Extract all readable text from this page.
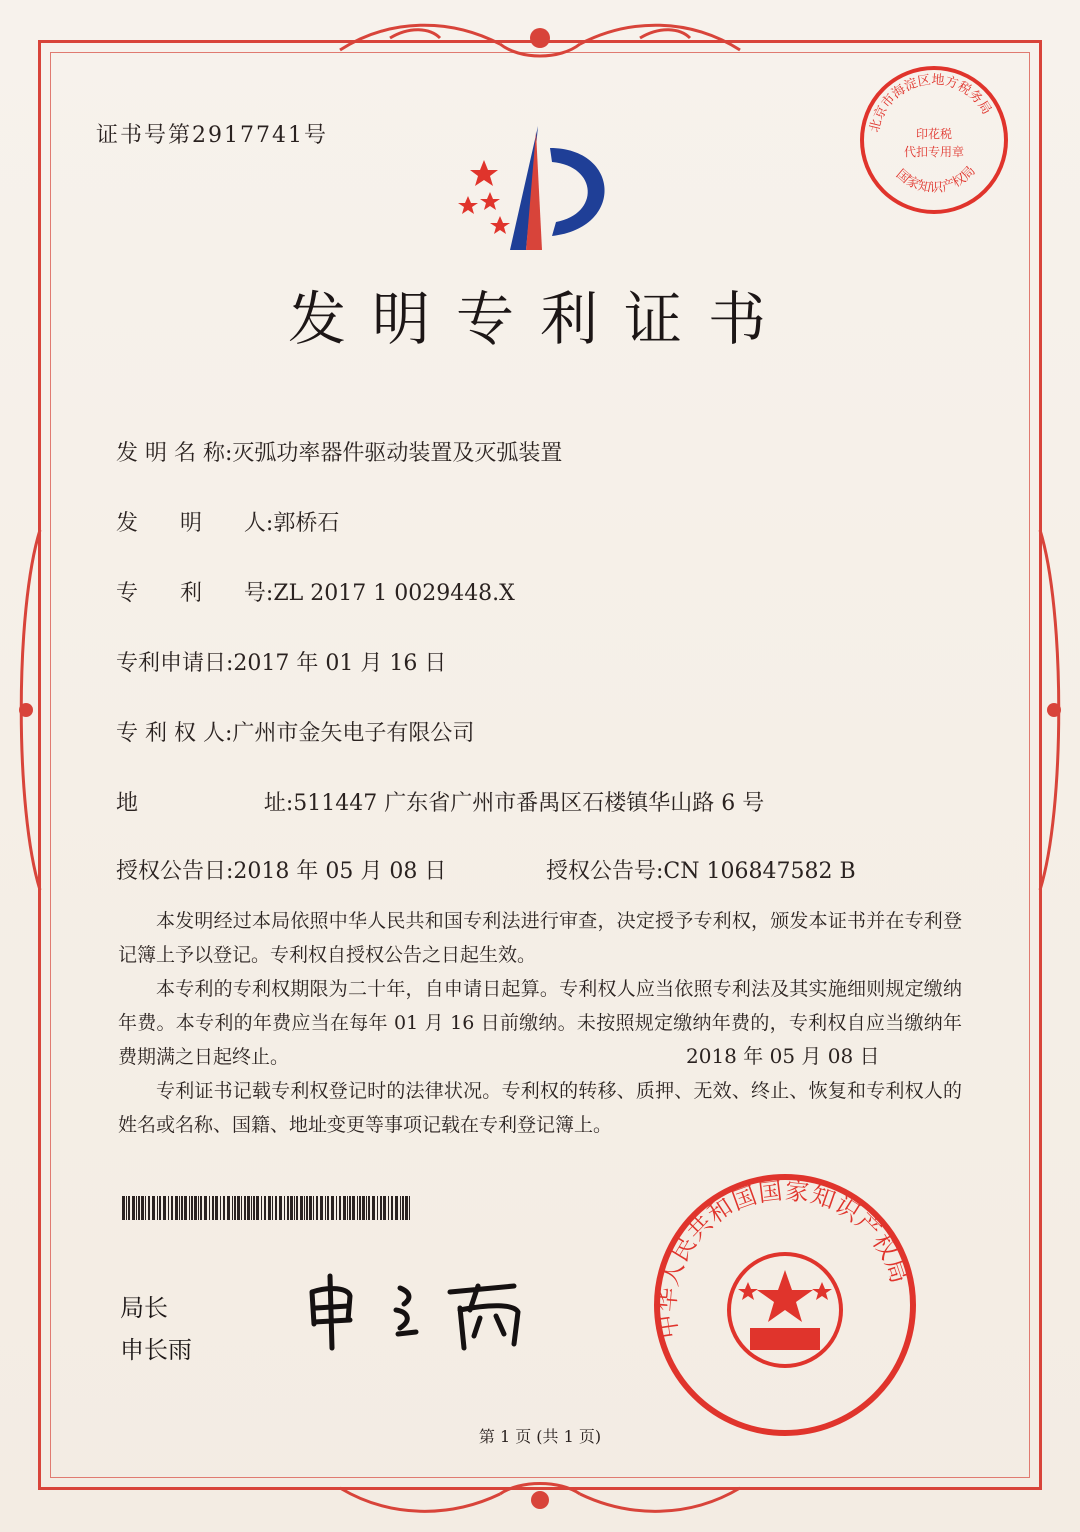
证书号第2917741号
发明专利证书
发 明 名 称:灭弧功率器件驱动装置及灭弧装置
发      明      人:郭桥石
专      利      号:ZL 2017 1 0029448.X
专利申请日:2017 年 01 月 16 日
专 利 权 人:广州市金矢电子有限公司
地                  址:511447 广东省广州市番禺区石楼镇华山路 6 号
授权公告日:2018 年 05 月 08 日	授权公告号:CN 106847582 B

本发明经过本局依照中华人民共和国专利法进行审查，决定授予专利权，颁发本证书并在专利登记簿上予以登记。专利权自授权公告之日起生效。

本专利的专利权期限为二十年，自申请日起算。专利权人应当依照专利法及其实施细则规定缴纳年费。本专利的年费应当在每年 01 月 16 日前缴纳。未按照规定缴纳年费的，专利权自应当缴纳年费期满之日起终止。

专利证书记载专利权登记时的法律状况。专利权的转移、质押、无效、终止、恢复和专利权人的姓名或名称、国籍、地址变更等事项记载在专利登记簿上。

局长
申长雨
北京市海淀区地方税务局
国家知识产权局
印花税
代扣专用章
中华人民共和国国家知识产权局
2018 年 05 月 08 日
第 1 页 (共 1 页)
